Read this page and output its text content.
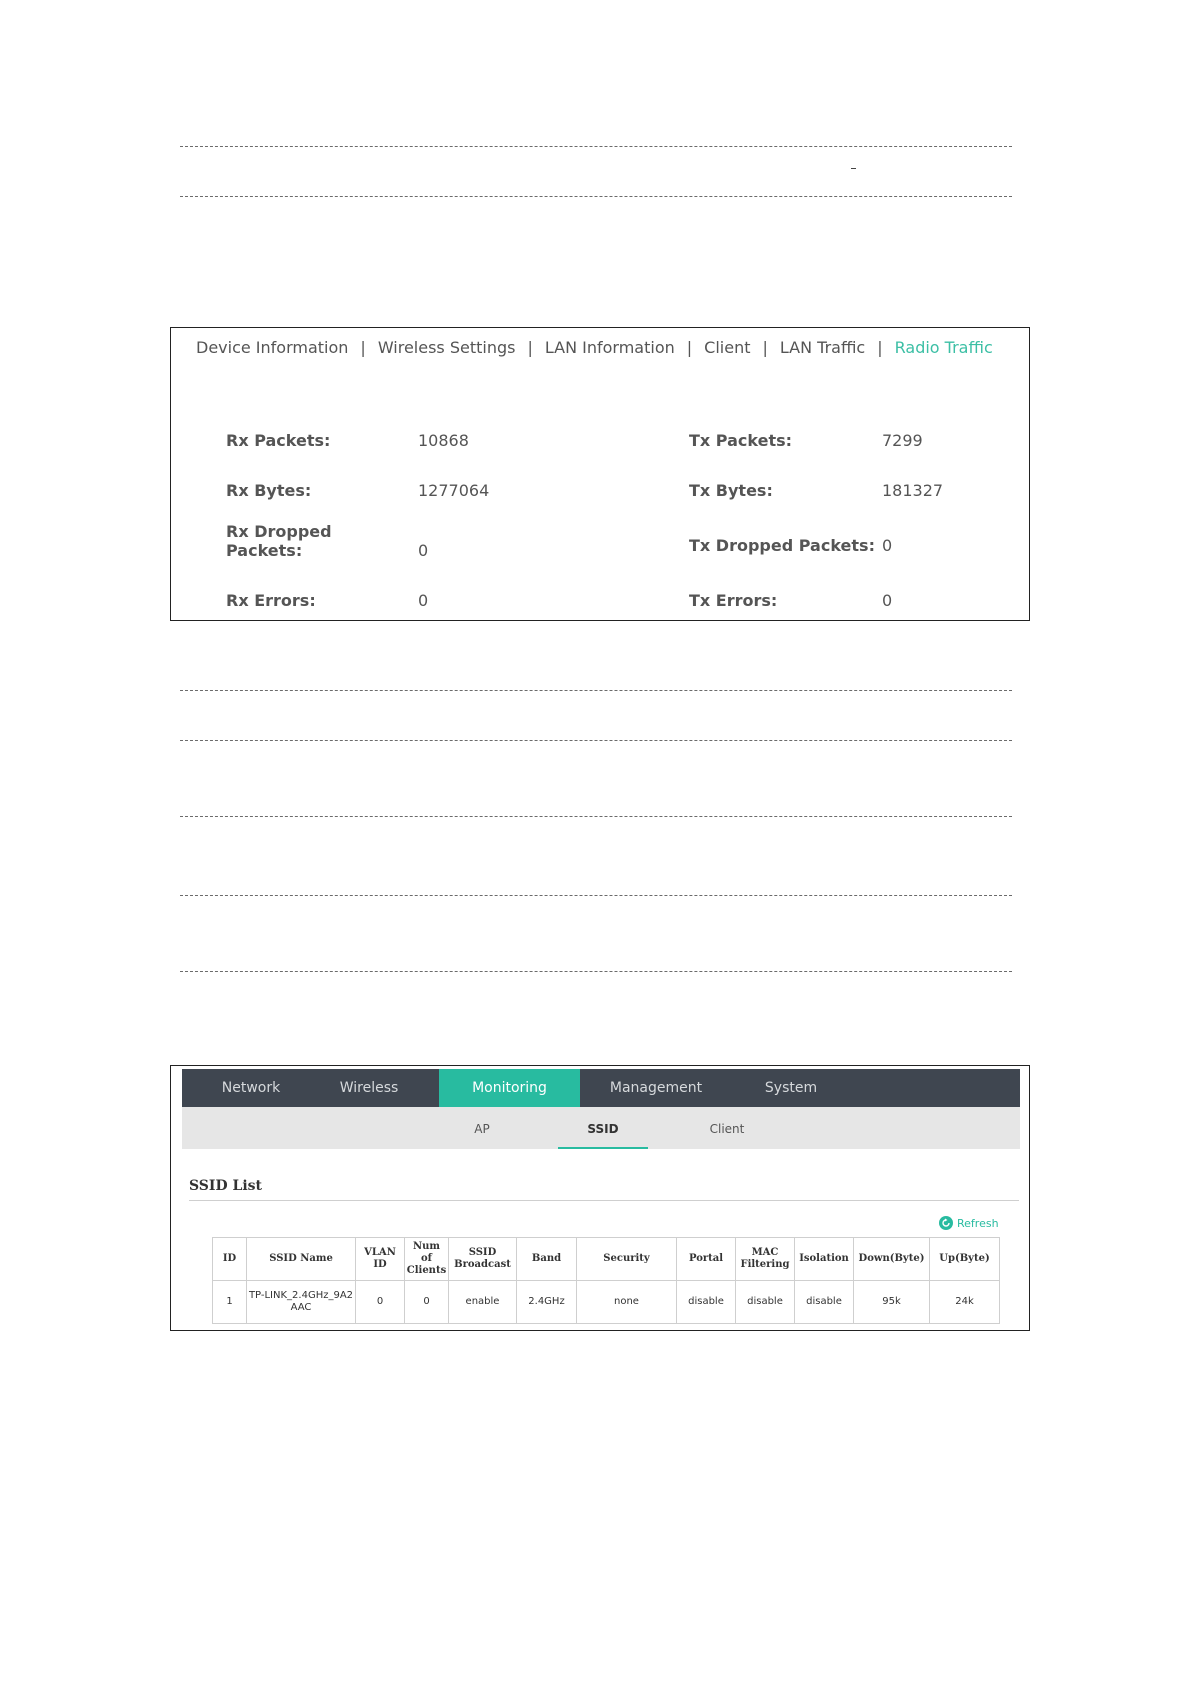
Device Information | Wireless Settings | LAN Information | Client | LAN Traffic | Radio Traffic
Rx Packets:	10868	Tx Packets:	7299
Rx Bytes:	1277064	Tx Bytes:	181327
Rx Dropped
Packets:	0	Tx Dropped Packets: 0
Rx Errors:	0	Tx Errors:	0
Network	Wireless	Monitoring	Management	System
AP	SSID	Client
SSID List
Refresh
ID	SSID Name	VLAN ID	Num of Clients	SSID Broadcast	Band	Security	Portal	MAC Filtering	Isolation	Down(Byte)	Up(Byte)
1	TP-LINK_2.4GHz_9A2AAC	0	0	enable	2.4GHz	none	disable	disable	disable	95k	24k
